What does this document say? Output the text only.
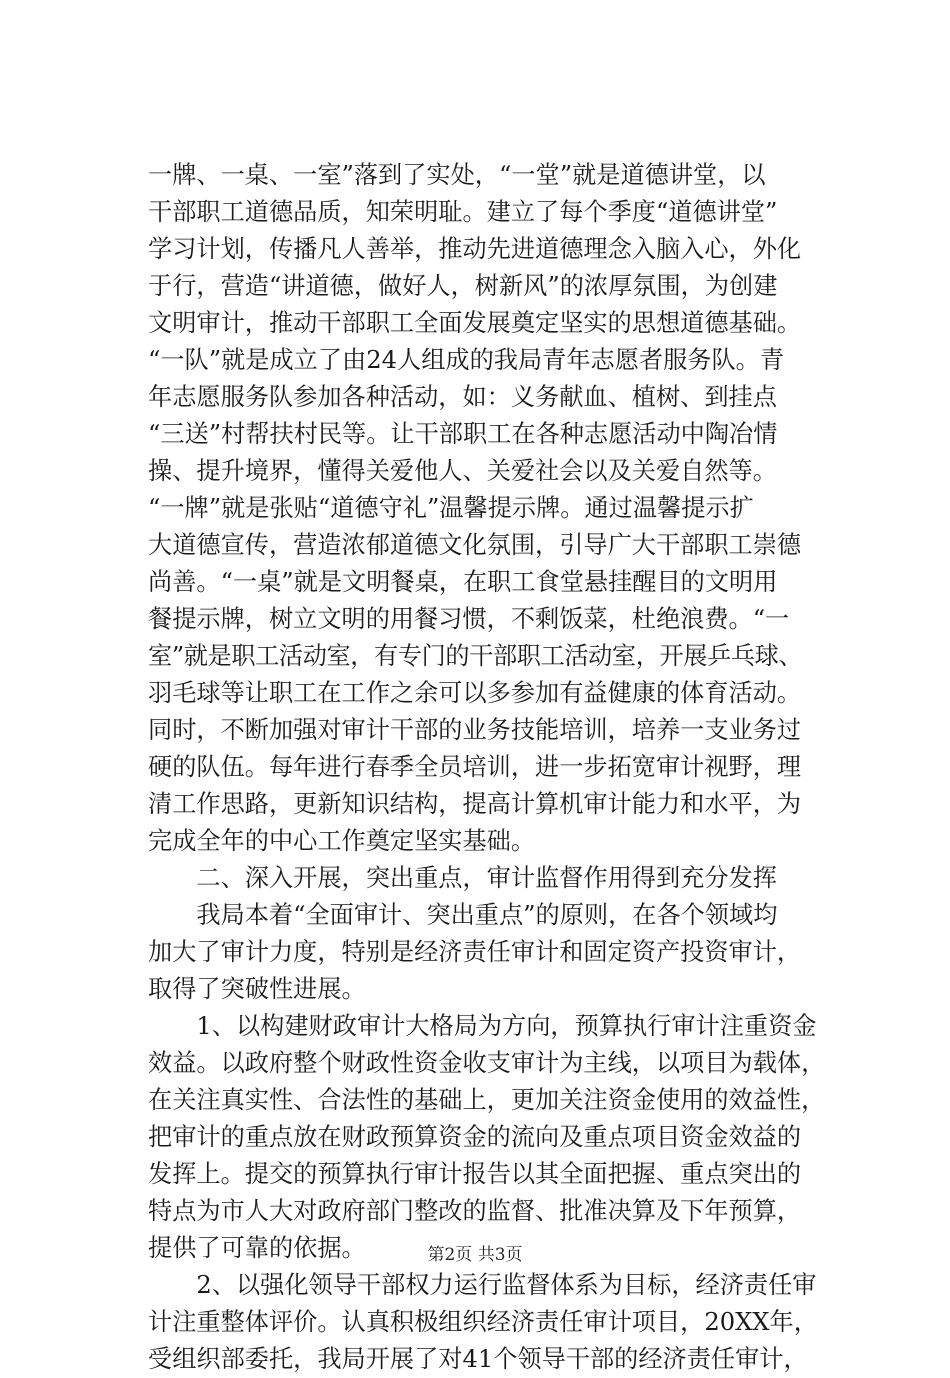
一牌、一桌、一室”落到了实处，“一堂”就是道德讲堂，以
干部职工道德品质，知荣明耻。建立了每个季度“道德讲堂”
学习计划，传播凡人善举，推动先进道德理念入脑入心，外化
于行，营造“讲道德，做好人，树新风”的浓厚氛围，为创建
文明审计，推动干部职工全面发展奠定坚实的思想道德基础。
“一队”就是成立了由24人组成的我局青年志愿者服务队。青
年志愿服务队参加各种活动，如：义务献血、植树、到挂点
“三送”村帮扶村民等。让干部职工在各种志愿活动中陶冶情
操、提升境界，懂得关爱他人、关爱社会以及关爱自然等。
“一牌”就是张贴“道德守礼”温馨提示牌。通过温馨提示扩
大道德宣传，营造浓郁道德文化氛围，引导广大干部职工崇德
尚善。“一桌”就是文明餐桌，在职工食堂悬挂醒目的文明用
餐提示牌，树立文明的用餐习惯，不剩饭菜，杜绝浪费。“一
室”就是职工活动室，有专门的干部职工活动室，开展乒乓球、
羽毛球等让职工在工作之余可以多参加有益健康的体育活动。
同时，不断加强对审计干部的业务技能培训，培养一支业务过
硬的队伍。每年进行春季全员培训，进一步拓宽审计视野，理
清工作思路，更新知识结构，提高计算机审计能力和水平，为
完成全年的中心工作奠定坚实基础。
　　二、深入开展，突出重点，审计监督作用得到充分发挥
　　我局本着“全面审计、突出重点”的原则，在各个领域均
加大了审计力度，特别是经济责任审计和固定资产投资审计，
取得了突破性进展。
　　1、以构建财政审计大格局为方向，预算执行审计注重资金
效益。以政府整个财政性资金收支审计为主线，以项目为载体，
在关注真实性、合法性的基础上，更加关注资金使用的效益性，
把审计的重点放在财政预算资金的流向及重点项目资金效益的
发挥上。提交的预算执行审计报告以其全面把握、重点突出的
特点为市人大对政府部门整改的监督、批准决算及下年预算，
提供了可靠的依据。
　　2、以强化领导干部权力运行监督体系为目标，经济责任审
计注重整体评价。认真积极组织经济责任审计项目，20XX年，
受组织部委托，我局开展了对41个领导干部的经济责任审计，
第2页 共3页
